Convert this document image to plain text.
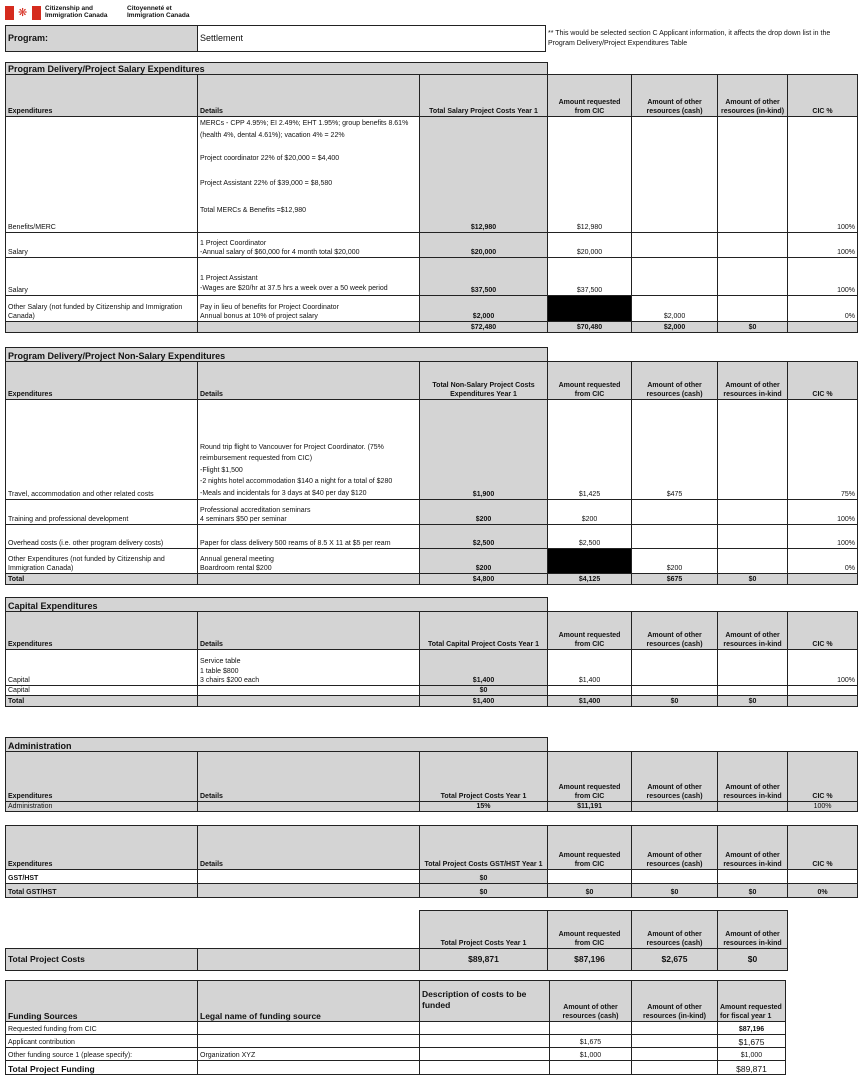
❋	Citizenship and
Immigration Canada
Citoyenneté et
Immigration Canada
Program:	Settlement	** This would be selected section C Applicant information, it affects the drop down list in the Program Delivery/Project Expenditures Table
Program Delivery/Project Salary Expenditures						
Expenditures	Details	Total Salary Project Costs Year 1	Amount requested from CIC	Amount of other resources (cash)	Amount of other resources (in-kind)	CIC %
Benefits/MERC	MERCs - CPP 4.95%; EI 2.49%; EHT 1.95%; group benefits 8.61% (health 4%, dental 4.61%); vacation 4% = 22%
Project coordinator 22% of $20,000 = $4,400
Project Assistant 22% of $39,000 = $8,580
Total MERCs & Benefits =$12,980	$12,980	$12,980			100%
Salary	1 Project Coordinator
-Annual salary of $60,000 for 4 month total $20,000	$20,000	$20,000			100%
Salary	1 Project Assistant
-Wages are $20/hr at 37.5 hrs a week over a 50 week period	$37,500	$37,500			100%
Other Salary (not funded by Citizenship and Immigration Canada)	Pay in lieu of benefits for Project Coordinator
Annual bonus at 10% of project salary	$2,000		$2,000		0%
		$72,480	$70,480	$2,000	$0	
Program Delivery/Project Non-Salary Expenditures						
Expenditures	Details	Total Non-Salary Project Costs Expenditures Year 1	Amount requested from CIC	Amount of other resources (cash)	Amount of other resources in-kind	CIC %
Travel, accommodation and other related costs	Round trip flight to Vancouver for Project Coordinator. (75% reimbursement requested from CIC)
-Flight $1,500
-2 nights hotel accommodation $140 a night for a total of $280
-Meals and incidentals for 3 days at $40 per day $120	$1,900	$1,425	$475		75%
Training and professional development	Professional accreditation seminars
4 seminars $50 per seminar	$200	$200			100%
Overhead costs (i.e. other program delivery costs)	Paper for class delivery 500 reams of 8.5 X 11 at $5 per ream	$2,500	$2,500			100%
Other Expenditures (not funded by Citizenship and Immigration Canada)	Annual general meeting
Boardroom rental $200	$200		$200		0%
Total		$4,800	$4,125	$675	$0	
Capital Expenditures						
Expenditures	Details	Total Capital Project Costs Year 1	Amount requested from CIC	Amount of other resources (cash)	Amount of other resources in-kind	CIC %
Capital	Service table
1 table $800
3 chairs $200 each	$1,400	$1,400			100%
Capital		$0				
Total		$1,400	$1,400	$0	$0	
Administration						
Expenditures	Details	Total Project Costs Year 1	Amount requested from CIC	Amount of other resources (cash)	Amount of other resources in-kind	CIC %
Administration		15%	$11,191			100%
Expenditures	Details	Total Project Costs GST/HST Year 1	Amount requested from CIC	Amount of other resources (cash)	Amount of other resources in-kind	CIC %
GST/HST		$0				
Total GST/HST		$0	$0	$0	$0	0%
		Total Project Costs Year 1	Amount requested from CIC	Amount of other resources (cash)	Amount of other resources in-kind	
Total Project Costs		$89,871	$87,196	$2,675	$0	
Funding Sources	Legal name of funding source	Description of costs to be funded	Amount of other resources (cash)	Amount of other resources (in-kind)	Amount requested for fiscal year 1
Requested funding from CIC					$87,196
Applicant contribution			$1,675		$1,675
Other funding source 1 (please specify):	Organization XYZ		$1,000		$1,000
Total Project Funding					$89,871
